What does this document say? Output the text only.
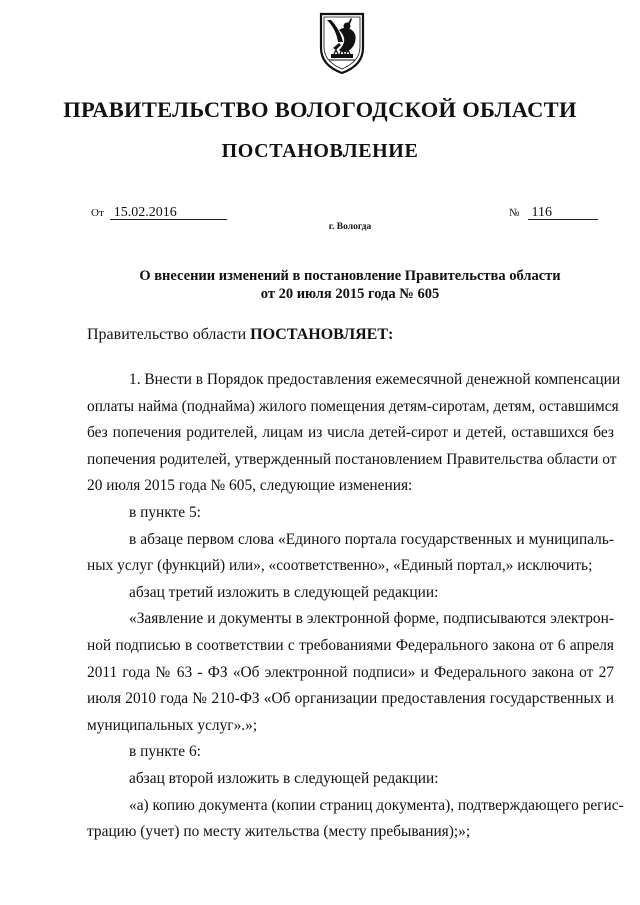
ПРАВИТЕЛЬСТВО ВОЛОГОДСКОЙ ОБЛАСТИ
ПОСТАНОВЛЕНИЕ
От 15.02.2016	№ 116
г. Вологда
О внесении изменений в постановление Правительства области
от 20 июля 2015 года № 605
Правительство области ПОСТАНОВЛЯЕТ:
1. Внести в Порядок предоставления ежемесячной денежной компенсации
оплаты найма (поднайма) жилого помещения детям-сиротам, детям, оставшимся
без попечения родителей, лицам из числа детей-сирот и детей, оставшихся без
попечения родителей, утвержденный постановлением Правительства области от
20 июля 2015 года № 605, следующие изменения:
в пункте 5:
в абзаце первом слова «Единого портала государственных и муниципаль-
ных услуг (функций) или», «соответственно», «Единый портал,» исключить;
абзац третий изложить в следующей редакции:
«Заявление и документы в электронной форме, подписываются электрон-
ной подписью в соответствии с требованиями Федерального закона от 6 апреля
2011 года № 63 - ФЗ «Об электронной подписи» и Федерального закона от 27
июля 2010 года № 210-ФЗ «Об организации предоставления государственных и
муниципальных услуг».»;
в пункте 6:
абзац второй изложить в следующей редакции:
«а) копию документа (копии страниц документа), подтверждающего регис-
трацию (учет) по месту жительства (месту пребывания);»;
